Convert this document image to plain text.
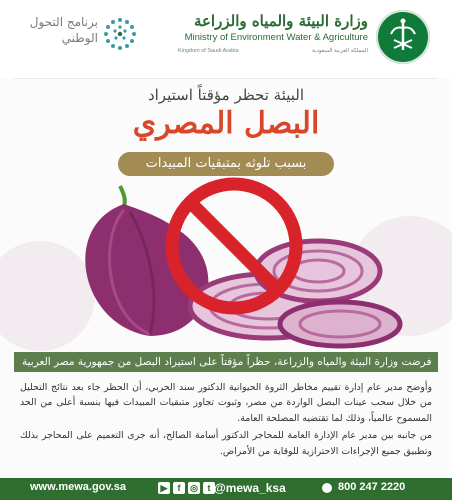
وزارة البيئة والمياه والزراعة
Ministry of Environment Water & Agriculture
Kingdom of Saudi Arabia	المملكة العربية السعودية
برنامج التحول
الوطني
البيئة تحظر مؤقتاً استيراد
البصل المصري
بسبب تلوثه بمتبقيات المبيدات
فرضت وزارة البيئة والمياه والزراعة، حظراً مؤقتاً على استيراد البصل من جمهورية مصر العربية

وأوضح مدير عام إدارة تقييم مخاطر الثروة الحيوانية الدكتور سند الحربي، أن الحظر جاء بعد نتائج التحليل من خلال سحب عينات البصل الواردة من مصر، وثبوت تجاوز متبقيات المبيدات فيها بنسبة أعلى من الحد المسموح عالمياً، وذلك لما تقتضيه المصلحة العامة.

من جانبه بين مدير عام الإدارة العامة للمحاجر الدكتور أسامة الصالح، أنه جرى التعميم على المحاجر بذلك وتطبيق جميع الإجراءات الاحترازية للوقاية من الأمراض.

www.mewa.gov.sa	▶	f	◎	t @mewa_ksa	800 247 2220
